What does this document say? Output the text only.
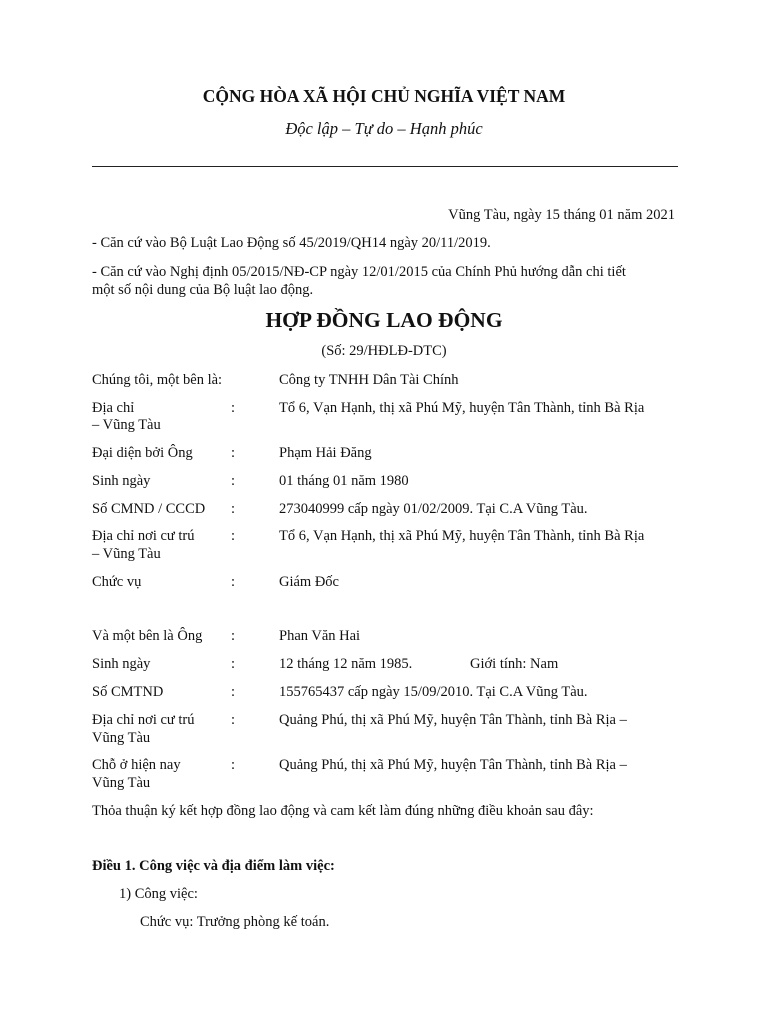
CỘNG HÒA XÃ HỘI CHỦ NGHĨA VIỆT NAM
Độc lập – Tự do – Hạnh phúc
Vũng Tàu, ngày 15 tháng 01 năm 2021
- Căn cứ vào Bộ Luật Lao Động số 45/2019/QH14 ngày 20/11/2019.
- Căn cứ vào Nghị định 05/2015/NĐ-CP ngày 12/01/2015 của Chính Phủ hướng dẫn chi tiết
một số nội dung của Bộ luật lao động.
HỢP ĐỒNG LAO ĐỘNG
(Số: 29/HĐLĐ-DTC)
Chúng tôi, một bên là:	Công ty TNHH Dân Tài Chính
Địa chỉ	:	Tổ 6, Vạn Hạnh, thị xã Phú Mỹ, huyện Tân Thành, tỉnh Bà Rịa
– Vũng Tàu
Đại diện bởi Ông	:	Phạm Hải Đăng
Sinh ngày	:	01 tháng 01 năm 1980
Số CMND / CCCD :	273040999 cấp ngày 01/02/2009. Tại C.A Vũng Tàu.
Địa chỉ nơi cư trú	:	Tổ 6, Vạn Hạnh, thị xã Phú Mỹ, huyện Tân Thành, tỉnh Bà Rịa
– Vũng Tàu
Chức vụ	:	Giám Đốc
Và một bên là Ông :	Phan Văn Hai
Sinh ngày	:	12 tháng 12 năm 1985.	Giới tính: Nam
Số CMTND	:	155765437 cấp ngày 15/09/2010. Tại C.A Vũng Tàu.
Địa chỉ nơi cư trú	:	Quảng Phú, thị xã Phú Mỹ, huyện Tân Thành, tỉnh Bà Rịa –
Vũng Tàu
Chỗ ở hiện nay	:	Quảng Phú, thị xã Phú Mỹ, huyện Tân Thành, tỉnh Bà Rịa –
Vũng Tàu
Thỏa thuận ký kết hợp đồng lao động và cam kết làm đúng những điều khoản sau đây:
Điều 1. Công việc và địa điểm làm việc:
1) Công việc:
Chức vụ: Trưởng phòng kế toán.
